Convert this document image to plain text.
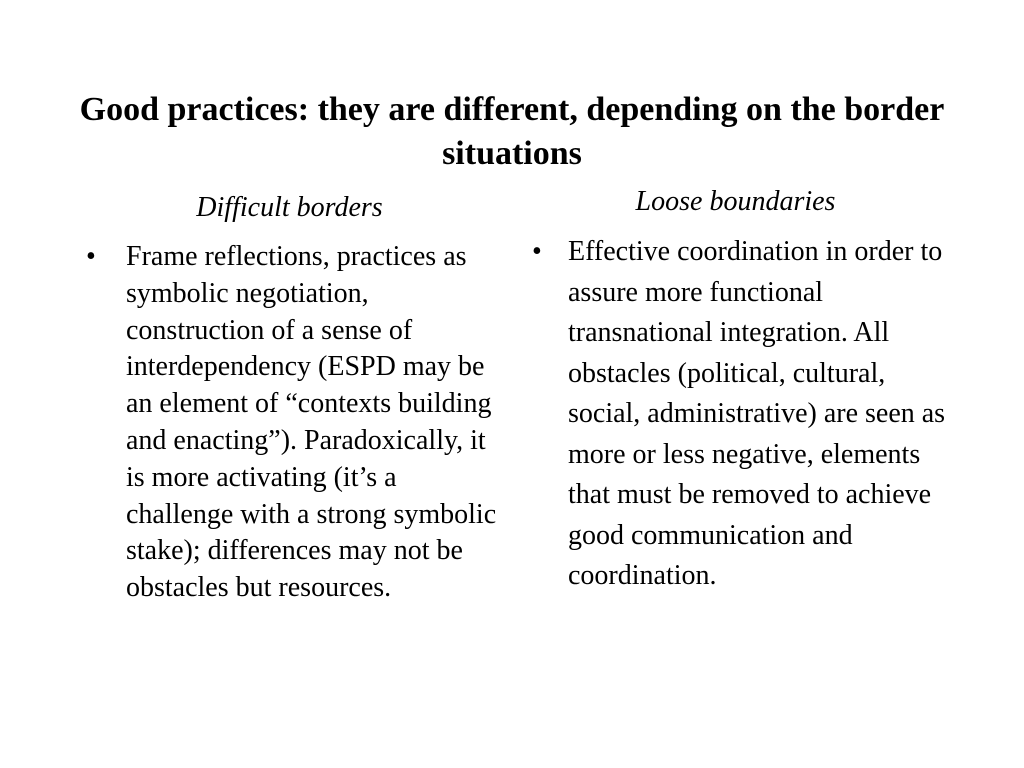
Good practices: they are different, depending on the border situations

Difficult borders

• Frame reflections, practices as symbolic negotiation, construction of a sense of interdependency (ESPD may be an element of “contexts building and enacting”). Paradoxically, it is more activating (it’s a challenge with a strong symbolic stake); differences may not be obstacles but resources.

Loose boundaries

• Effective coordination in order to assure more functional transnational integration. All obstacles (political, cultural, social, administrative) are seen as more or less negative, elements that must be removed to achieve good communication and coordination.
